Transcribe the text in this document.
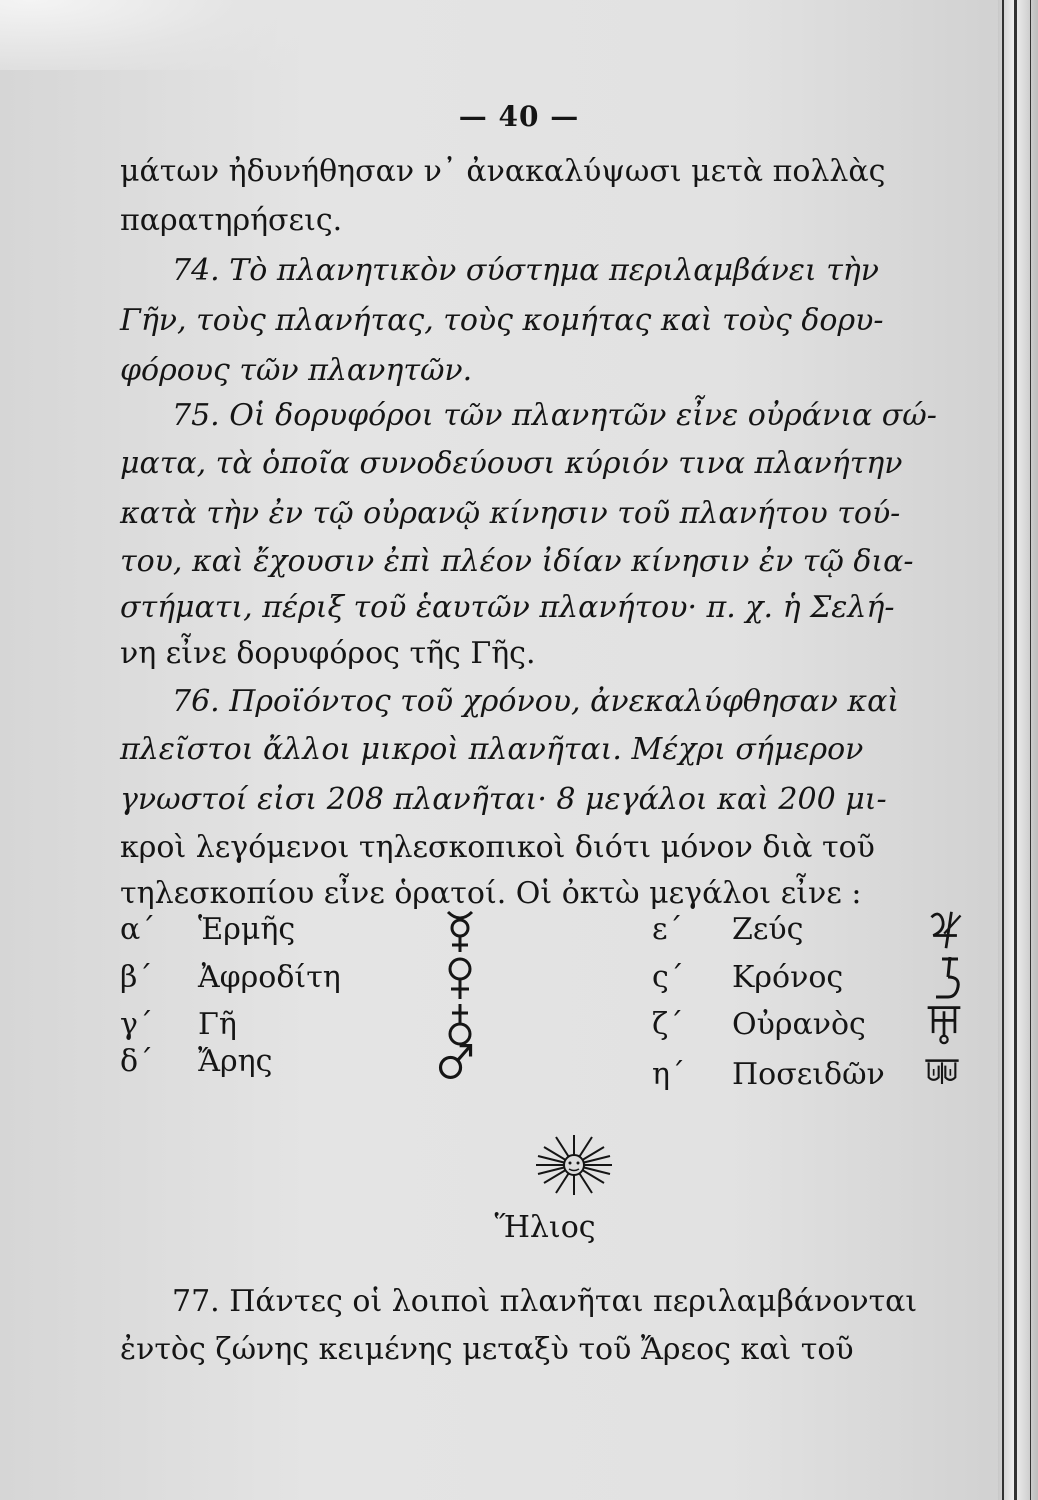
— 40 —
μάτων ἠδυνήθησαν ν᾽ ἀνακαλύψωσι μετὰ πολλὰς
παρατηρήσεις.
74. Τὸ πλανητικὸν σύστημα περιλαμβάνει τὴν
Γῆν, τοὺς πλανήτας, τοὺς κομήτας καὶ τοὺς δορυ-
φόρους τῶν πλανητῶν.
75. Οἱ δορυφόροι τῶν πλανητῶν εἶνε οὐράνια σώ-
ματα, τὰ ὁποῖα συνοδεύουσι κύριόν τινα πλανήτην
κατὰ τὴν ἐν τῷ οὐρανῷ κίνησιν τοῦ πλανήτου τού-
του, καὶ ἔχουσιν ἐπὶ πλέον ἰδίαν κίνησιν ἐν τῷ δια-
στήματι, πέριξ τοῦ ἑαυτῶν πλανήτου· π. χ. ἡ Σελή-
νη εἶνε δορυφόρος τῆς Γῆς.
76. Προϊόντος τοῦ χρόνου, ἀνεκαλύφθησαν καὶ
πλεῖστοι ἄλλοι μικροὶ πλανῆται. Μέχρι σήμερον
γνωστοί εἰσι 208 πλανῆται· 8 μεγάλοι καὶ 200 μι-
κροὶ λεγόμενοι τηλεσκοπικοὶ διότι μόνον διὰ τοῦ
τηλεσκοπίου εἶνε ὁρατοί. Οἱ ὀκτὼ μεγάλοι εἶνε :
α΄ Ἑρμῆς
β΄ Ἀφροδίτη
γ΄ Γῆ
δ΄ Ἄρης
ε΄ Ζεύς
ς΄ Κρόνος
ζ΄ Οὐρανὸς
η΄ Ποσειδῶν
Ἥλιος
77. Πάντες οἱ λοιποὶ πλανῆται περιλαμβάνονται
ἐντὸς ζώνης κειμένης μεταξὺ τοῦ Ἄρεος καὶ τοῦ
